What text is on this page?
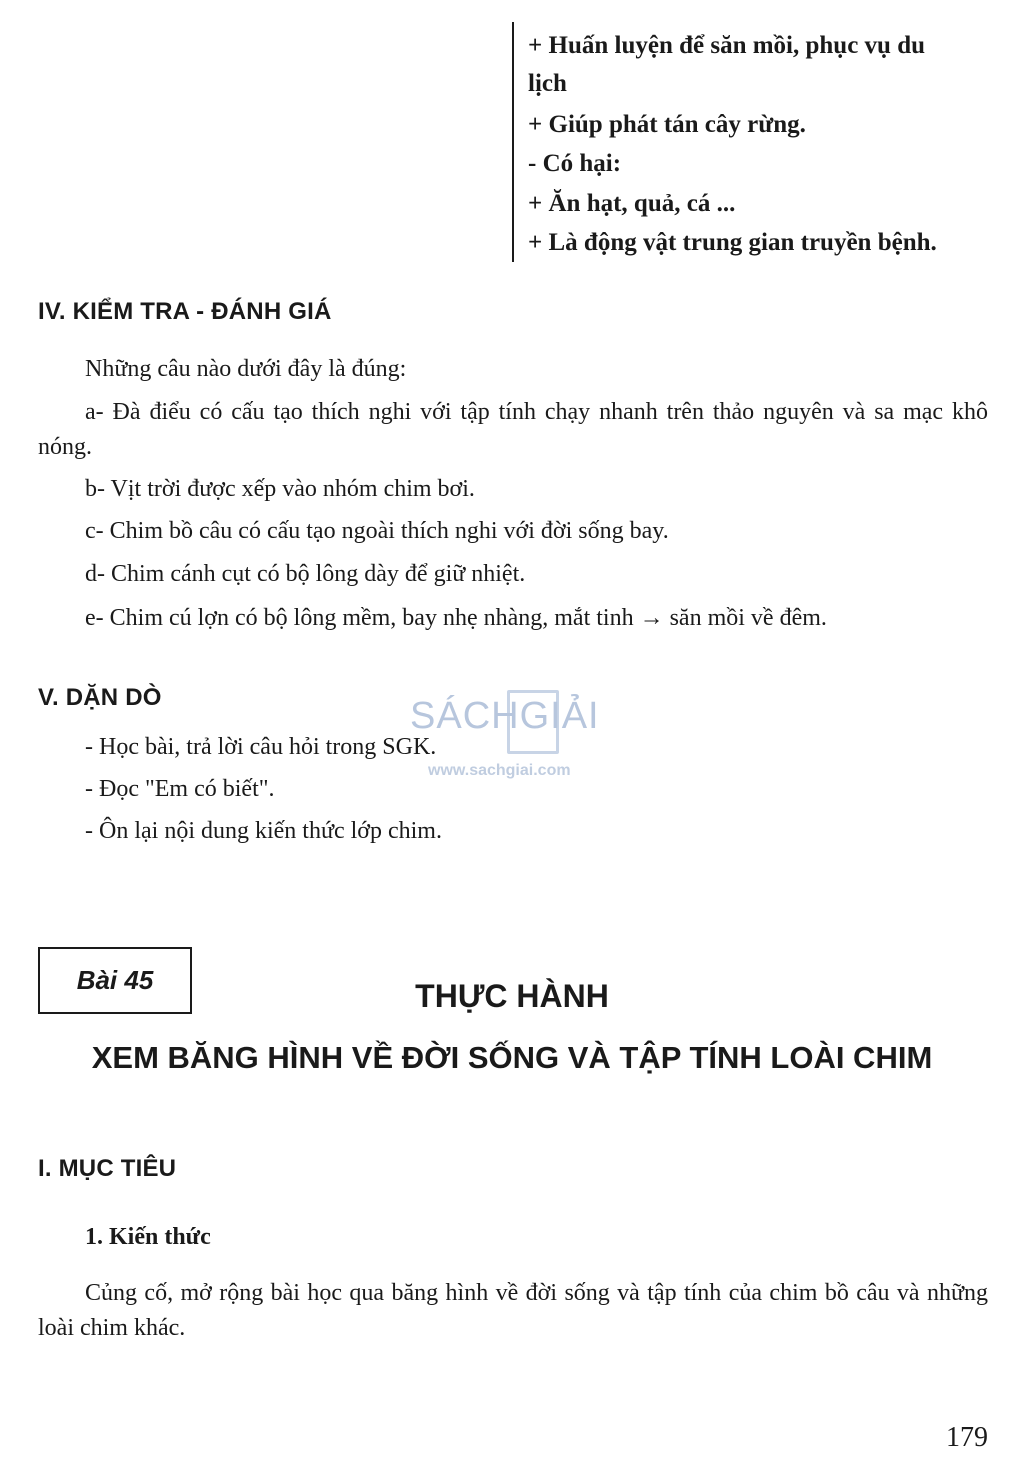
+ Huấn luyện để săn mồi, phục vụ du
lịch
+ Giúp phát tán cây rừng.
- Có hại:
+ Ăn hạt, quả, cá ...
+ Là động vật trung gian truyền bệnh.
IV. KIỂM TRA - ĐÁNH GIÁ
Những câu nào dưới đây là đúng:
a- Đà điểu có cấu tạo thích nghi với tập tính chạy nhanh trên thảo nguyên và sa mạc khô nóng.
b- Vịt trời được xếp vào nhóm chim bơi.
c- Chim bồ câu có cấu tạo ngoài thích nghi với đời sống bay.
d- Chim cánh cụt có bộ lông dày để giữ nhiệt.
e- Chim cú lợn có bộ lông mềm, bay nhẹ nhàng, mắt tinh → săn mồi về đêm.
V. DẶN DÒ
- Học bài, trả lời câu hỏi trong SGK.
- Đọc "Em có biết".
- Ôn lại nội dung kiến thức lớp chim.
SÁCHGIẢI
www.sachgiai.com
Bài 45	THỰC HÀNH
XEM BĂNG HÌNH VỀ ĐỜI SỐNG VÀ TẬP TÍNH LOÀI CHIM
I. MỤC TIÊU
1. Kiến thức
Củng cố, mở rộng bài học qua băng hình về đời sống và tập tính của chim bồ câu và những loài chim khác.
179
